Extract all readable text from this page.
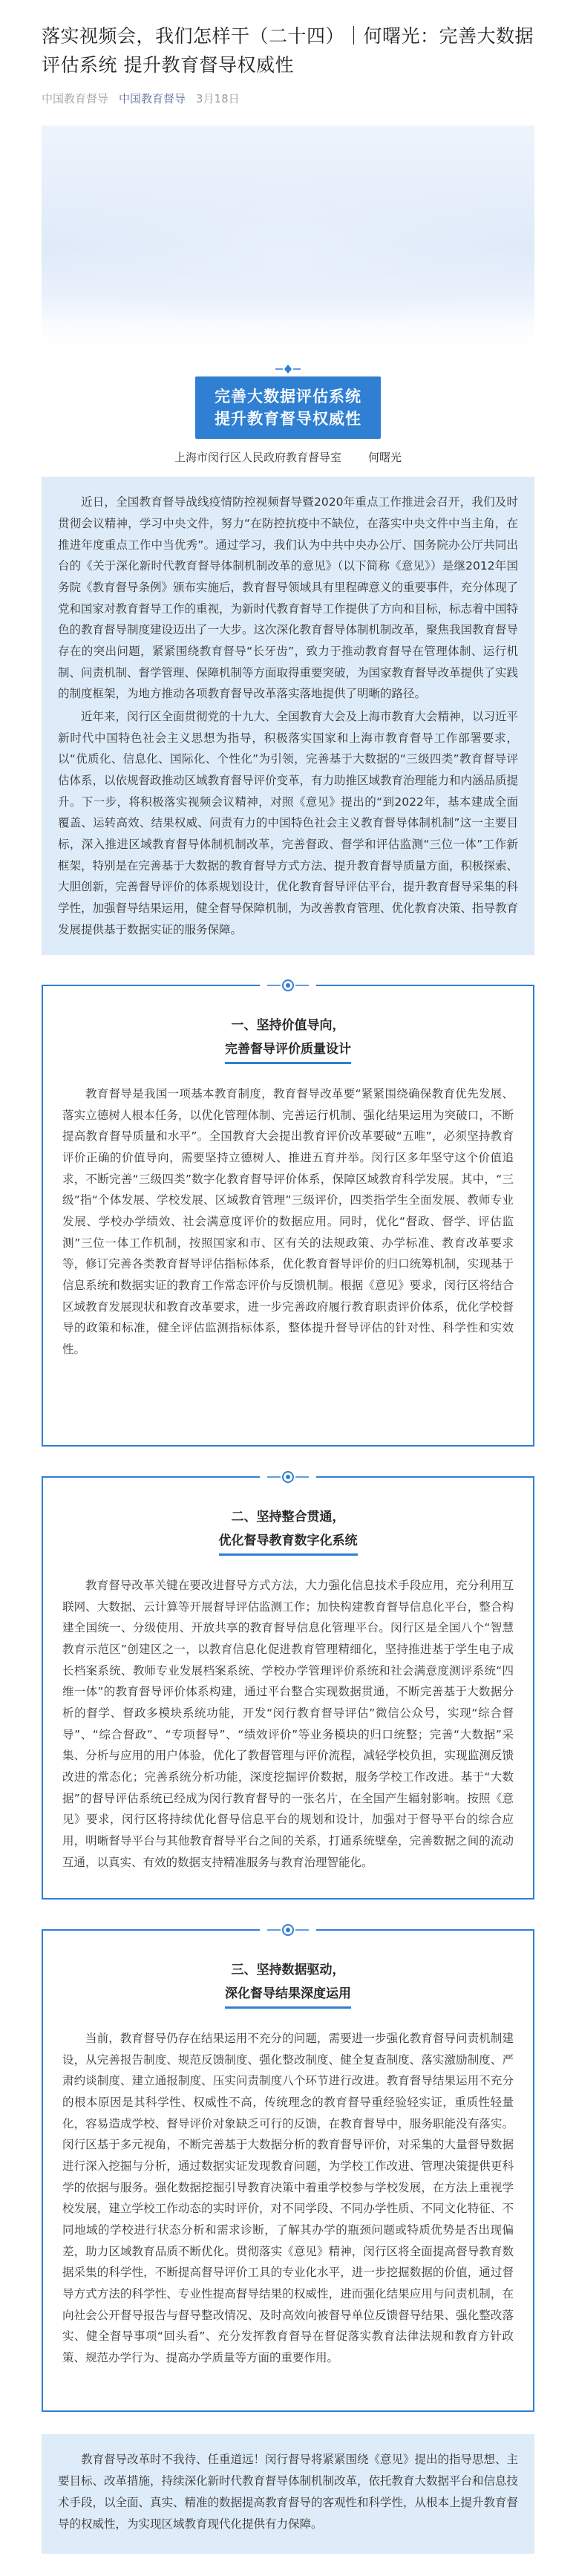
落实视频会，我们怎样干（二十四）｜何曙光：完善大数据评估系统 提升教育督导权威性
中国教育督导 中国教育督导 3月18日
完善大数据评估系统
提升教育督导权威性
上海市闵行区人民政府教育督导室 何曙光

近日，全国教育督导战线疫情防控视频督导暨2020年重点工作推进会召开，我们及时贯彻会议精神，学习中央文件，努力“在防控抗疫中不缺位，在落实中央文件中当主角，在推进年度重点工作中当优秀”。通过学习，我们认为中共中央办公厅、国务院办公厅共同出台的《关于深化新时代教育督导体制机制改革的意见》（以下简称《意见》）是继2012年国务院《教育督导条例》颁布实施后，教育督导领域具有里程碑意义的重要事件，充分体现了党和国家对教育督导工作的重视，为新时代教育督导工作提供了方向和目标，标志着中国特色的教育督导制度建设迈出了一大步。这次深化教育督导体制机制改革，聚焦我国教育督导存在的突出问题，紧紧围绕教育督导“长牙齿”，致力于推动教育督导在管理体制、运行机制、问责机制、督学管理、保障机制等方面取得重要突破，为国家教育督导改革提供了实践的制度框架，为地方推动各项教育督导改革落实落地提供了明晰的路径。

近年来，闵行区全面贯彻党的十九大、全国教育大会及上海市教育大会精神，以习近平新时代中国特色社会主义思想为指导，积极落实国家和上海市教育督导工作部署要求，以“优质化、信息化、国际化、个性化”为引领，完善基于大数据的“三级四类”教育督导评估体系，以依规督政推动区域教育督导评价变革，有力助推区域教育治理能力和内涵品质提升。下一步，将积极落实视频会议精神，对照《意见》提出的“到2022年，基本建成全面覆盖、运转高效、结果权威、问责有力的中国特色社会主义教育督导体制机制”这一主要目标，深入推进区域教育督导体制机制改革，完善督政、督学和评估监测“三位一体”工作新框架，特别是在完善基于大数据的教育督导方式方法、提升教育督导质量方面，积极探索、大胆创新，完善督导评价的体系规划设计，优化教育督导评估平台，提升教育督导采集的科学性，加强督导结果运用，健全督导保障机制，为改善教育管理、优化教育决策、指导教育发展提供基于数据实证的服务保障。

一、坚持价值导向，
完善督导评价质量设计

教育督导是我国一项基本教育制度，教育督导改革要“紧紧围绕确保教育优先发展、落实立德树人根本任务，以优化管理体制、完善运行机制、强化结果运用为突破口，不断提高教育督导质量和水平”。全国教育大会提出教育评价改革要破“五唯”，必须坚持教育评价正确的价值导向，需要坚持立德树人、推进五育并举。闵行区多年坚守这个价值追求，不断完善“三级四类”数字化教育督导评价体系，保障区域教育科学发展。其中，“三级”指“个体发展、学校发展、区域教育管理”三级评价，四类指学生全面发展、教师专业发展、学校办学绩效、社会满意度评价的数据应用。同时，优化“督政、督学、评估监测”三位一体工作机制，按照国家和市、区有关的法规政策、办学标准、教育改革要求等，修订完善各类教育督导评估指标体系，优化教育督导评价的归口统筹机制，实现基于信息系统和数据实证的教育工作常态评价与反馈机制。根据《意见》要求，闵行区将结合区域教育发展现状和教育改革要求，进一步完善政府履行教育职责评价体系，优化学校督导的政策和标准，健全评估监测指标体系，整体提升督导评估的针对性、科学性和实效性。

二、坚持整合贯通，
优化督导教育数字化系统

教育督导改革关键在要改进督导方式方法，大力强化信息技术手段应用，充分利用互联网、大数据、云计算等开展督导评估监测工作；加快构建教育督导信息化平台，整合构建全国统一、分级使用、开放共享的教育督导信息化管理平台。闵行区是全国八个“智慧教育示范区”创建区之一，以教育信息化促进教育管理精细化，坚持推进基于学生电子成长档案系统、教师专业发展档案系统、学校办学管理评价系统和社会满意度测评系统“四维一体”的教育督导评价体系构建，通过平台整合实现数据贯通，不断完善基于大数据分析的督学、督政多模块系统功能，开发“闵行教育督导评估”微信公众号，实现“综合督导”、“综合督政”、“专项督导”、“绩效评价”等业务模块的归口统整；完善“大数据”采集、分析与应用的用户体验，优化了教督管理与评价流程，减轻学校负担，实现监测反馈改进的常态化；完善系统分析功能，深度挖掘评价数据，服务学校工作改进。基于“大数据”的督导评估系统已经成为闵行教育督导的一张名片，在全国产生辐射影响。按照《意见》要求，闵行区将持续优化督导信息平台的规划和设计，加强对于督导平台的综合应用，明晰督导平台与其他教育督导平台之间的关系，打通系统壁垒，完善数据之间的流动互通，以真实、有效的数据支持精准服务与教育治理智能化。

三、坚持数据驱动，
深化督导结果深度运用

当前，教育督导仍存在结果运用不充分的问题，需要进一步强化教育督导问责机制建设，从完善报告制度、规范反馈制度、强化整改制度、健全复查制度、落实激励制度、严肃约谈制度、建立通报制度、压实问责制度八个环节进行改进。教育督导结果运用不充分的根本原因是其科学性、权威性不高，传统理念的教育督导重经验轻实证，重质性轻量化，容易造成学校、督导评价对象缺乏可行的反馈，在教育督导中，服务职能没有落实。闵行区基于多元视角，不断完善基于大数据分析的教育督导评价，对采集的大量督导数据进行深入挖掘与分析，通过数据实证发现教育问题，为学校工作改进、管理决策提供更科学的依据与服务。强化数据挖掘引导教育决策中着重学校参与学校发展，在方法上重视学校发展，建立学校工作动态的实时评价，对不同学段、不同办学性质、不同文化特征、不同地域的学校进行状态分析和需求诊断，了解其办学的瓶颈问题或特质优势是否出现偏差，助力区域教育品质不断优化。贯彻落实《意见》精神，闵行区将全面提高督导教育数据采集的科学性，不断提高督导评价工具的专业化水平，进一步挖掘数据的价值，通过督导方式方法的科学性、专业性提高督导结果的权威性，进而强化结果应用与问责机制，在向社会公开督导报告与督导整改情况、及时高效向被督导单位反馈督导结果、强化整改落实、健全督导事项“回头看”、充分发挥教育督导在督促落实教育法律法规和教育方针政策、规范办学行为、提高办学质量等方面的重要作用。

教育督导改革时不我待、任重道远！闵行督导将紧紧围绕《意见》提出的指导思想、主要目标、改革措施，持续深化新时代教育督导体制机制改革，依托教育大数据平台和信息技术手段，以全面、真实、精准的数据提高教育督导的客观性和科学性，从根本上提升教育督导的权威性，为实现区域教育现代化提供有力保障。
